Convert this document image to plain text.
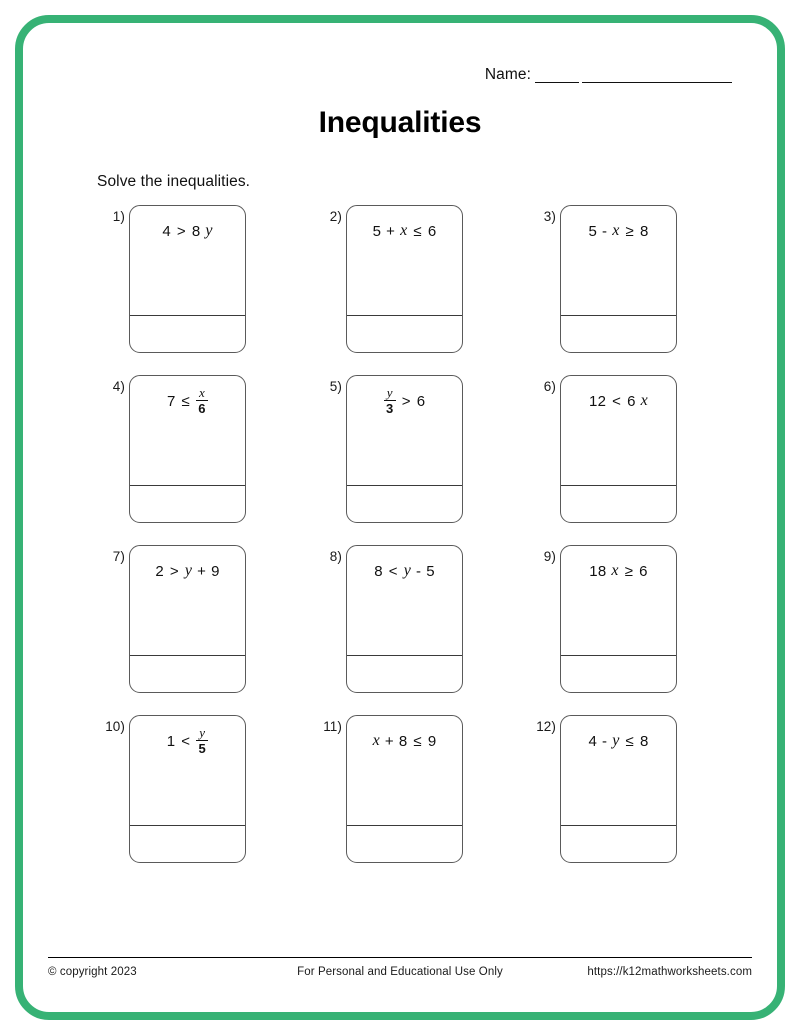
Name:
Inequalities
Solve the inequalities.
1)
4 > 8 y
2)
5 + x ≤ 6
3)
5 - x ≥ 8
4)
$7 \le \frac{x}{6}$	5)	$\frac{y}{3} > 6$
6)
12 < 6 x
7)
2 > y + 9
8)
8 < y - 5
9)
18 x ≥ 6
10)
$1 < \frac{y}{5}$	11)
x + 8 ≤ 9
12)
4 - y ≤ 8
© copyright 2023	For Personal and Educational Use Only	https://k12mathworksheets.com
